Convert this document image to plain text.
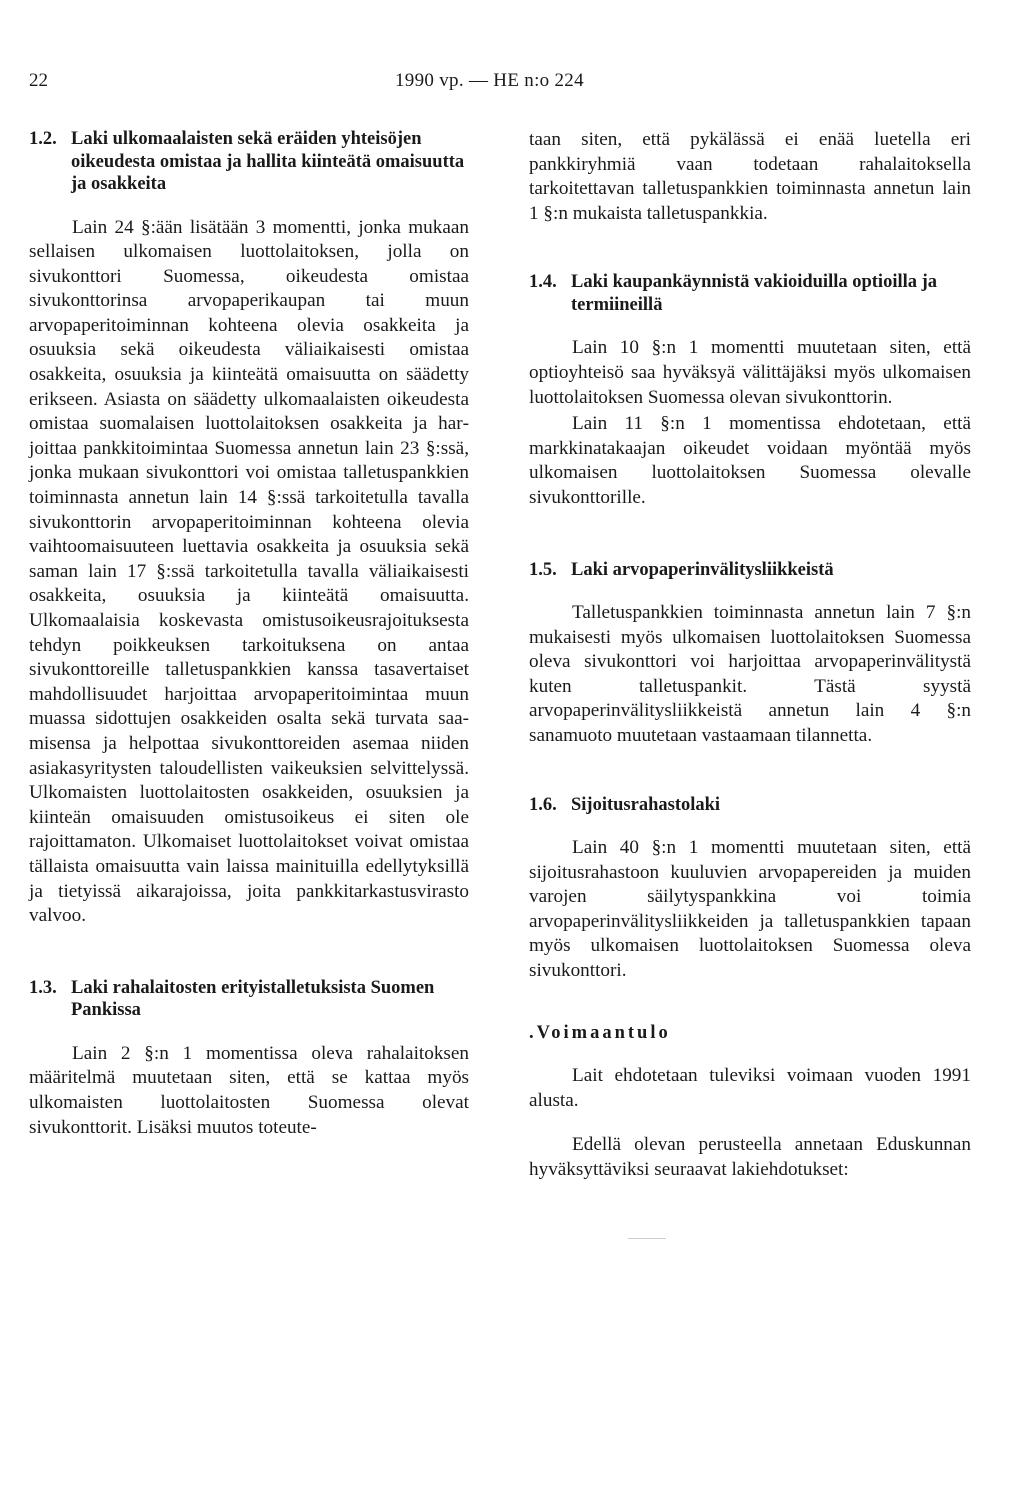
22	1990 vp. — HE n:o 224
1.2. Laki ulkomaalaisten sekä eräiden yhteisöjen oikeudesta omistaa ja hallita kiinteätä omaisuutta ja osakkeita

Lain 24 §:ään lisätään 3 momentti, jonka mukaan sellaisen ulkomaisen luottolaitoksen, jolla on sivukonttori Suomessa, oikeudesta omistaa sivukonttorinsa arvopaperikaupan tai muun arvopaperitoiminnan kohteena olevia osakkeita ja osuuksia sekä oikeudesta väliaikaisesti omistaa osakkeita, osuuksia ja kiinteätä omaisuutta on säädetty erikseen. Asiasta on säädetty ulkomaalaisten oikeudesta omistaa suomalaisen luottolaitoksen osakkeita ja harjoittaa pankkitoimintaa Suomessa annetun lain 23 §:ssä, jonka mukaan sivukonttori voi omistaa talletuspankkien toiminnasta annetun lain 14 §:ssä tarkoitetulla tavalla sivukonttorin arvopaperitoiminnan kohteena olevia vaihtoomaisuuteen luettavia osakkeita ja osuuksia sekä saman lain 17 §:ssä tarkoitetulla tavalla väliaikaisesti osakkeita, osuuksia ja kiinteätä omaisuutta. Ulkomaalaisia koskevasta omistusoikeusrajoituksesta tehdyn poikkeuksen tarkoituksena on antaa sivukonttoreille talletuspankkien kanssa tasavertaiset mahdollisuudet harjoittaa arvopaperitoimintaa muun muassa sidottujen osakkeiden osalta sekä turvata saamisensa ja helpottaa sivukonttoreiden asemaa niiden asiakasyritysten taloudellisten vaikeuksien selvittelyssä. Ulkomaisten luottolaitosten osakkeiden, osuuksien ja kiinteän omaisuuden omistusoikeus ei siten ole rajoittamaton. Ulkomaiset luottolaitokset voivat omistaa tällaista omaisuutta vain laissa mainituilla edellytyksillä ja tietyissä aikarajoissa, joita pankkitarkastusvirasto valvoo.

1.3. Laki rahalaitosten erityistalletuksista Suomen Pankissa

Lain 2 §:n 1 momentissa oleva rahalaitoksen määritelmä muutetaan siten, että se kattaa myös ulkomaisten luottolaitosten Suomessa olevat sivukonttorit. Lisäksi muutos toteute-

taan siten, että pykälässä ei enää luetella eri pankkiryhmiä vaan todetaan rahalaitoksella tarkoitettavan talletuspankkien toiminnasta annetun lain 1 §:n mukaista talletuspankkia.

1.4. Laki kaupankäynnistä vakioiduilla optioilla ja termiineillä

Lain 10 §:n 1 momentti muutetaan siten, että optioyhteisö saa hyväksyä välittäjäksi myös ulkomaisen luottolaitoksen Suomessa olevan sivukonttorin.

Lain 11 §:n 1 momentissa ehdotetaan, että markkinatakaajan oikeudet voidaan myöntää myös ulkomaisen luottolaitoksen Suomessa olevalle sivukonttorille.

1.5. Laki arvopaperinvälitysliikkeistä

Talletuspankkien toiminnasta annetun lain 7 §:n mukaisesti myös ulkomaisen luottolaitoksen Suomessa oleva sivukonttori voi harjoittaa arvopaperinvälitystä kuten talletuspankit. Tästä syystä arvopaperinvälitysliikkeistä annetun lain 4 §:n sanamuoto muutetaan vastaamaan tilannetta.

1.6. Sijoitusrahastolaki

Lain 40 §:n 1 momentti muutetaan siten, että sijoitusrahastoon kuuluvien arvopapereiden ja muiden varojen säilytyspankkina voi toimia arvopaperinvälitysliikkeiden ja talletuspankkien tapaan myös ulkomaisen luottolaitoksen Suomessa oleva sivukonttori.

.Voimaantulo

Lait ehdotetaan tuleviksi voimaan vuoden 1991 alusta.

Edellä olevan perusteella annetaan Eduskunnan hyväksyttäviksi seuraavat lakiehdotukset:
